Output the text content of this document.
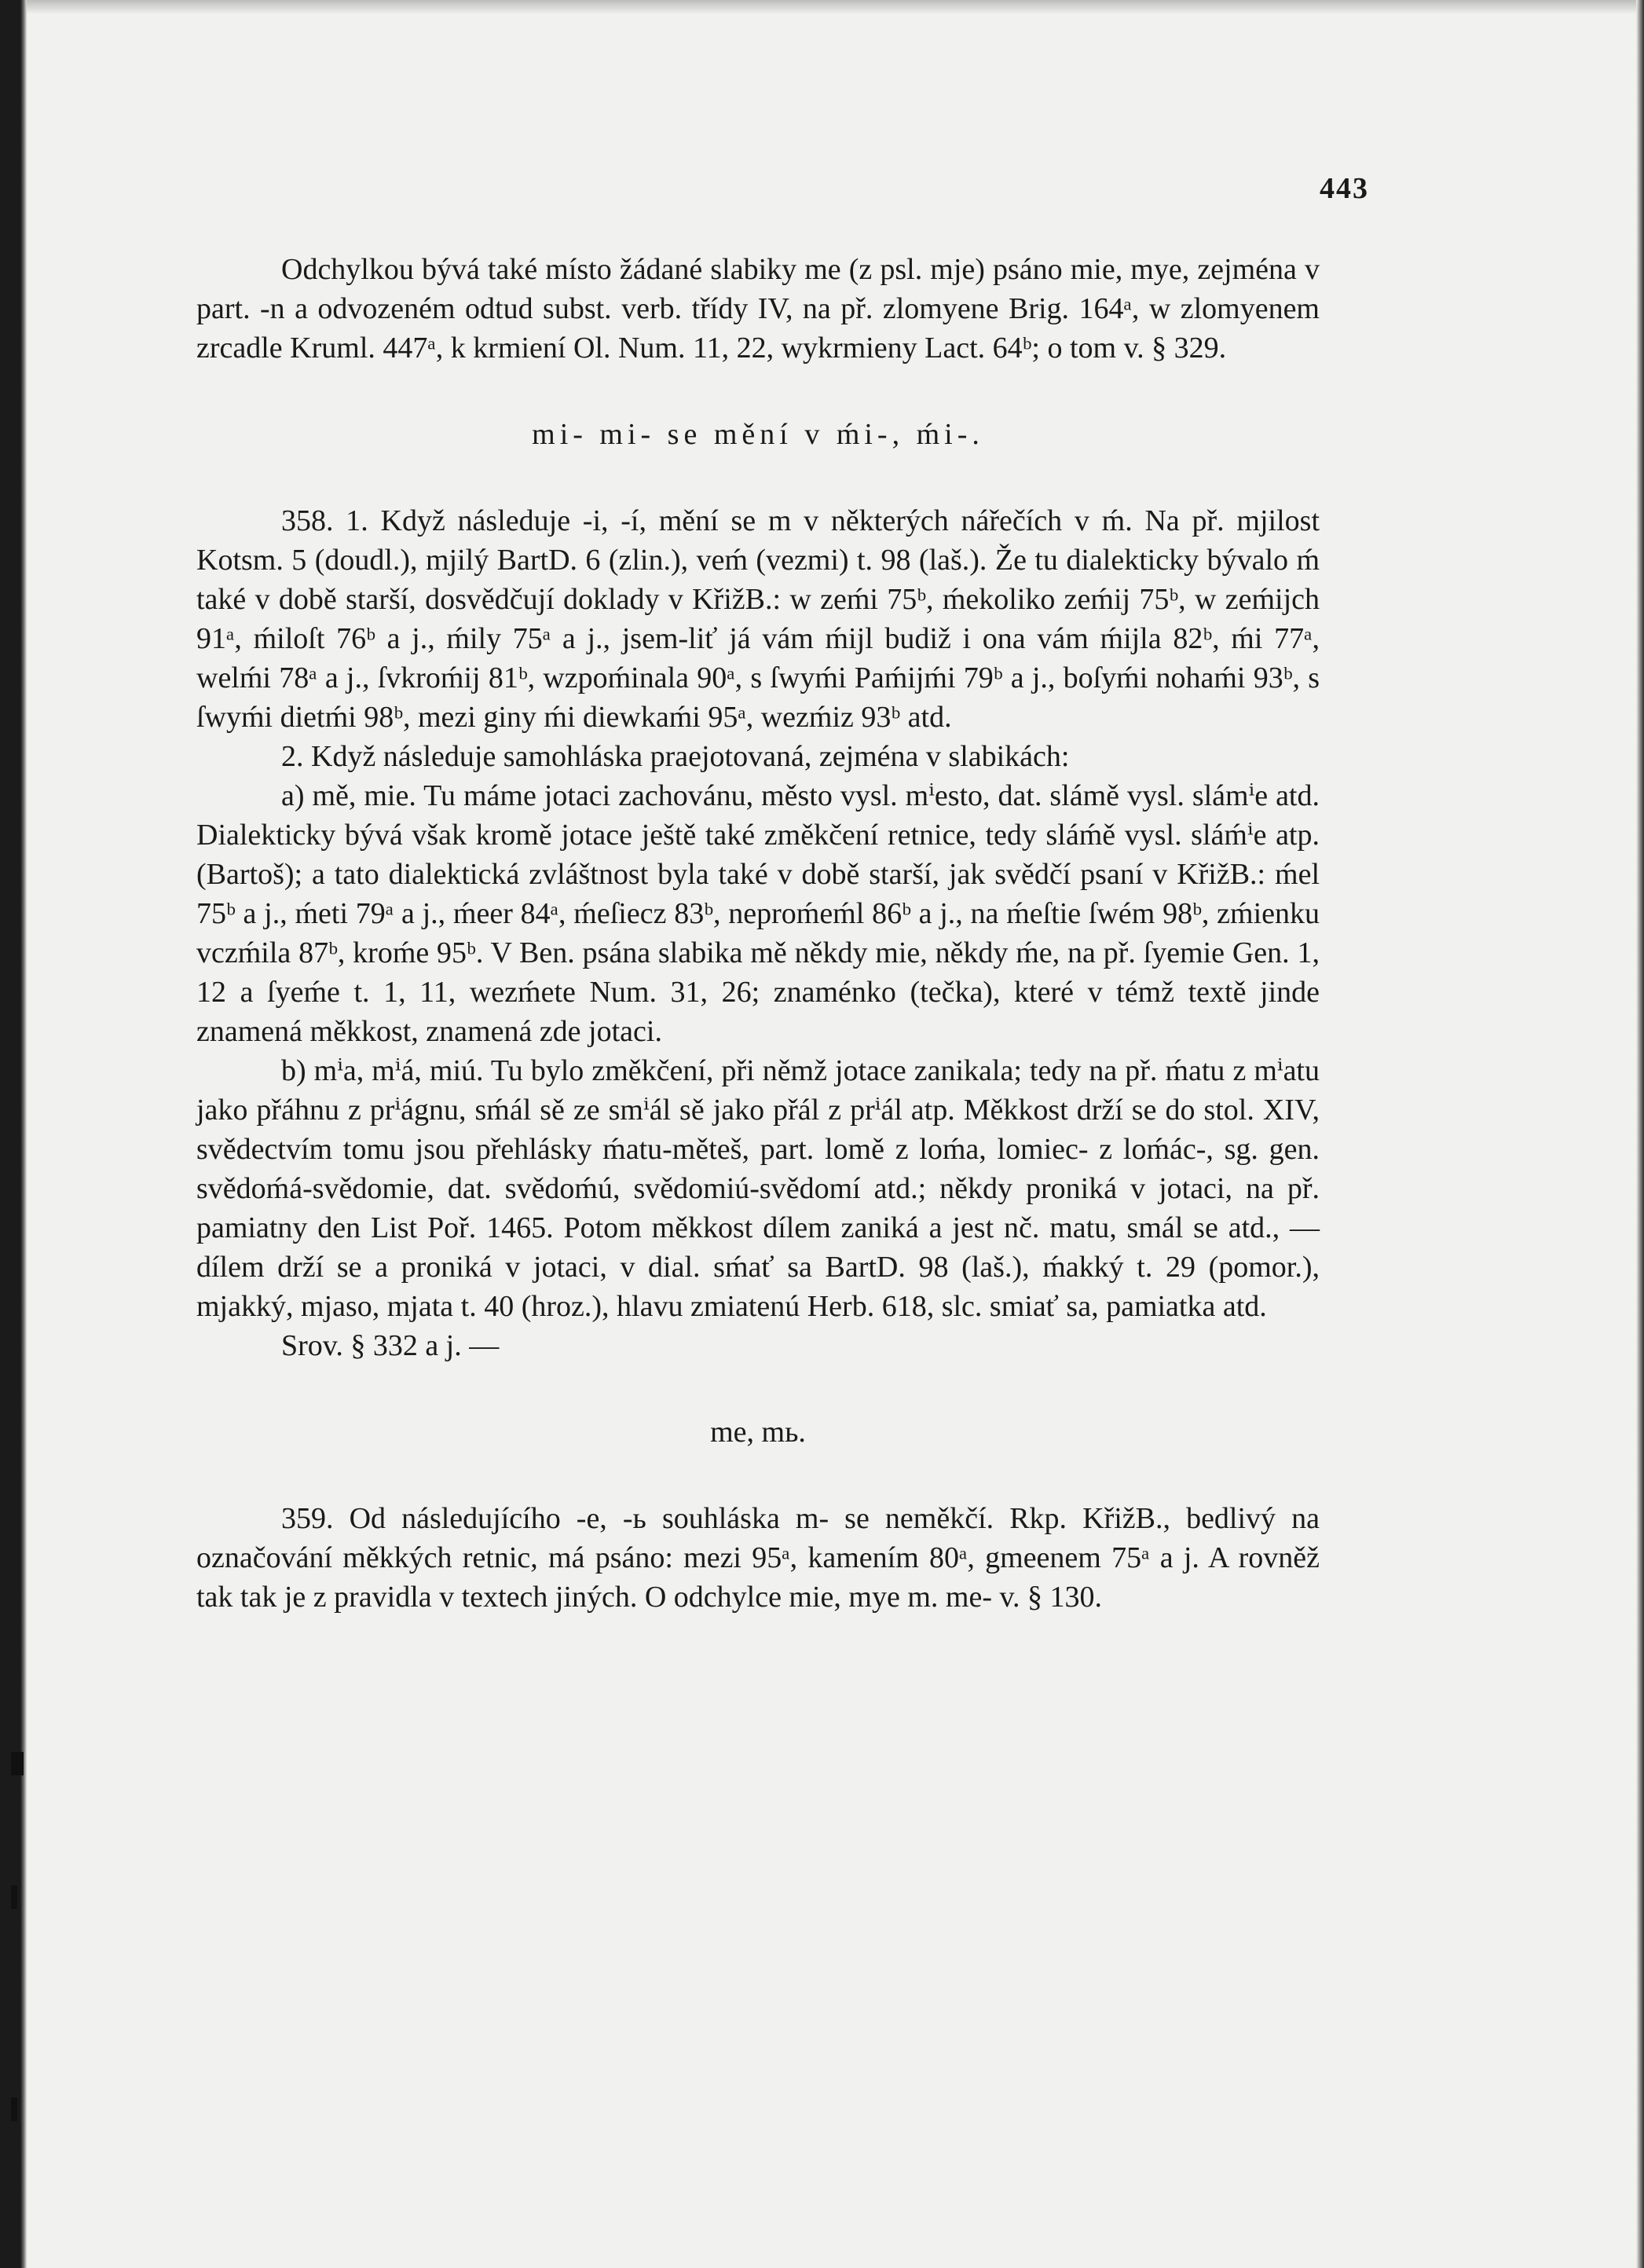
443

Odchylkou bývá také místo žádané slabiky me (z psl. mje) psáno mie, mye, zejména v part. -n a odvozeném odtud subst. verb. třídy IV, na př. zlomyene Brig. 164ᵃ, w zlomyenem zrcadle Kruml. 447ᵃ, k krmiení Ol. Num. 11, 22, wykrmieny Lact. 64ᵇ; o tom v. § 329.

mi- mi- se mění v ḿi-, ḿi-.

358. 1. Když následuje -i, -í, mění se m v některých nářečích v ḿ. Na př. mjilost Kotsm. 5 (doudl.), mjilý BartD. 6 (zlin.), veḿ (vezmi) t. 98 (laš.). Že tu dialekticky bývalo ḿ také v době starší, dosvědčují doklady v KřižB.: w zeḿi 75ᵇ, ḿekoliko zeḿij 75ᵇ, w zeḿijch 91ᵃ, ḿiloſt 76ᵇ a j., ḿily 75ᵃ a j., jsem-liť já vám ḿijl budiž i ona vám ḿijla 82ᵇ, ḿi 77ᵃ, welḿi 78ᵃ a j., ſvkroḿij 81ᵇ, wzpoḿinala 90ᵃ, s ſwyḿi Paḿijḿi 79ᵇ a j., boſyḿi nohaḿi 93ᵇ, s ſwyḿi dietḿi 98ᵇ, mezi giny ḿi diewkaḿi 95ᵃ, wezḿiz 93ᵇ atd.

2. Když následuje samohláska praejotovaná, zejména v slabikách:

a) mě, mie. Tu máme jotaci zachovánu, město vysl. mⁱesto, dat. slámě vysl. slámⁱe atd. Dialekticky bývá však kromě jotace ještě také změkčení retnice, tedy sláḿě vysl. sláḿⁱe atp. (Bartoš); a tato dialektická zvláštnost byla také v době starší, jak svědčí psaní v KřižB.: ḿel 75ᵇ a j., ḿeti 79ᵃ a j., ḿeer 84ᵃ, ḿeſiecz 83ᵇ, neproḿeḿl 86ᵇ a j., na ḿeſtie ſwém 98ᵇ, zḿienku vczḿila 87ᵇ, kroḿe 95ᵇ. V Ben. psána slabika mě někdy mie, někdy ḿe, na př. ſyemie Gen. 1, 12 a ſyeḿe t. 1, 11, wezḿete Num. 31, 26; znaménko (tečka), které v témž textě jinde znamená měkkost, znamená zde jotaci.

b) mⁱa, mⁱá, miú. Tu bylo změkčení, při němž jotace zanikala; tedy na př. ḿatu z mⁱatu jako přáhnu z prⁱágnu, sḿál sě ze smⁱál sě jako přál z prⁱál atp. Měkkost drží se do stol. XIV, svědectvím tomu jsou přehlásky ḿatu-měteš, part. lomě z loḿa, lomiec- z loḿác-, sg. gen. svědoḿá-svědomie, dat. svědoḿú, svědomiú-svědomí atd.; někdy proniká v jotaci, na př. pamiatny den List Poř. 1465. Potom měkkost dílem zaniká a jest nč. matu, smál se atd., — dílem drží se a proniká v jotaci, v dial. sḿať sa BartD. 98 (laš.), ḿakký t. 29 (pomor.), mjakký, mjaso, mjata t. 40 (hroz.), hlavu zmiatenú Herb. 618, slc. smiať sa, pamiatka atd.

Srov. § 332 a j. —

me, mь.

359. Od následujícího -e, -ь souhláska m- se neměkčí. Rkp. KřižB., bedlivý na označování měkkých retnic, má psáno: mezi 95ᵃ, kamením 80ᵃ, gmeenem 75ᵃ a j. A rovněž tak tak je z pravidla v textech jiných. O odchylce mie, mye m. me- v. § 130.
